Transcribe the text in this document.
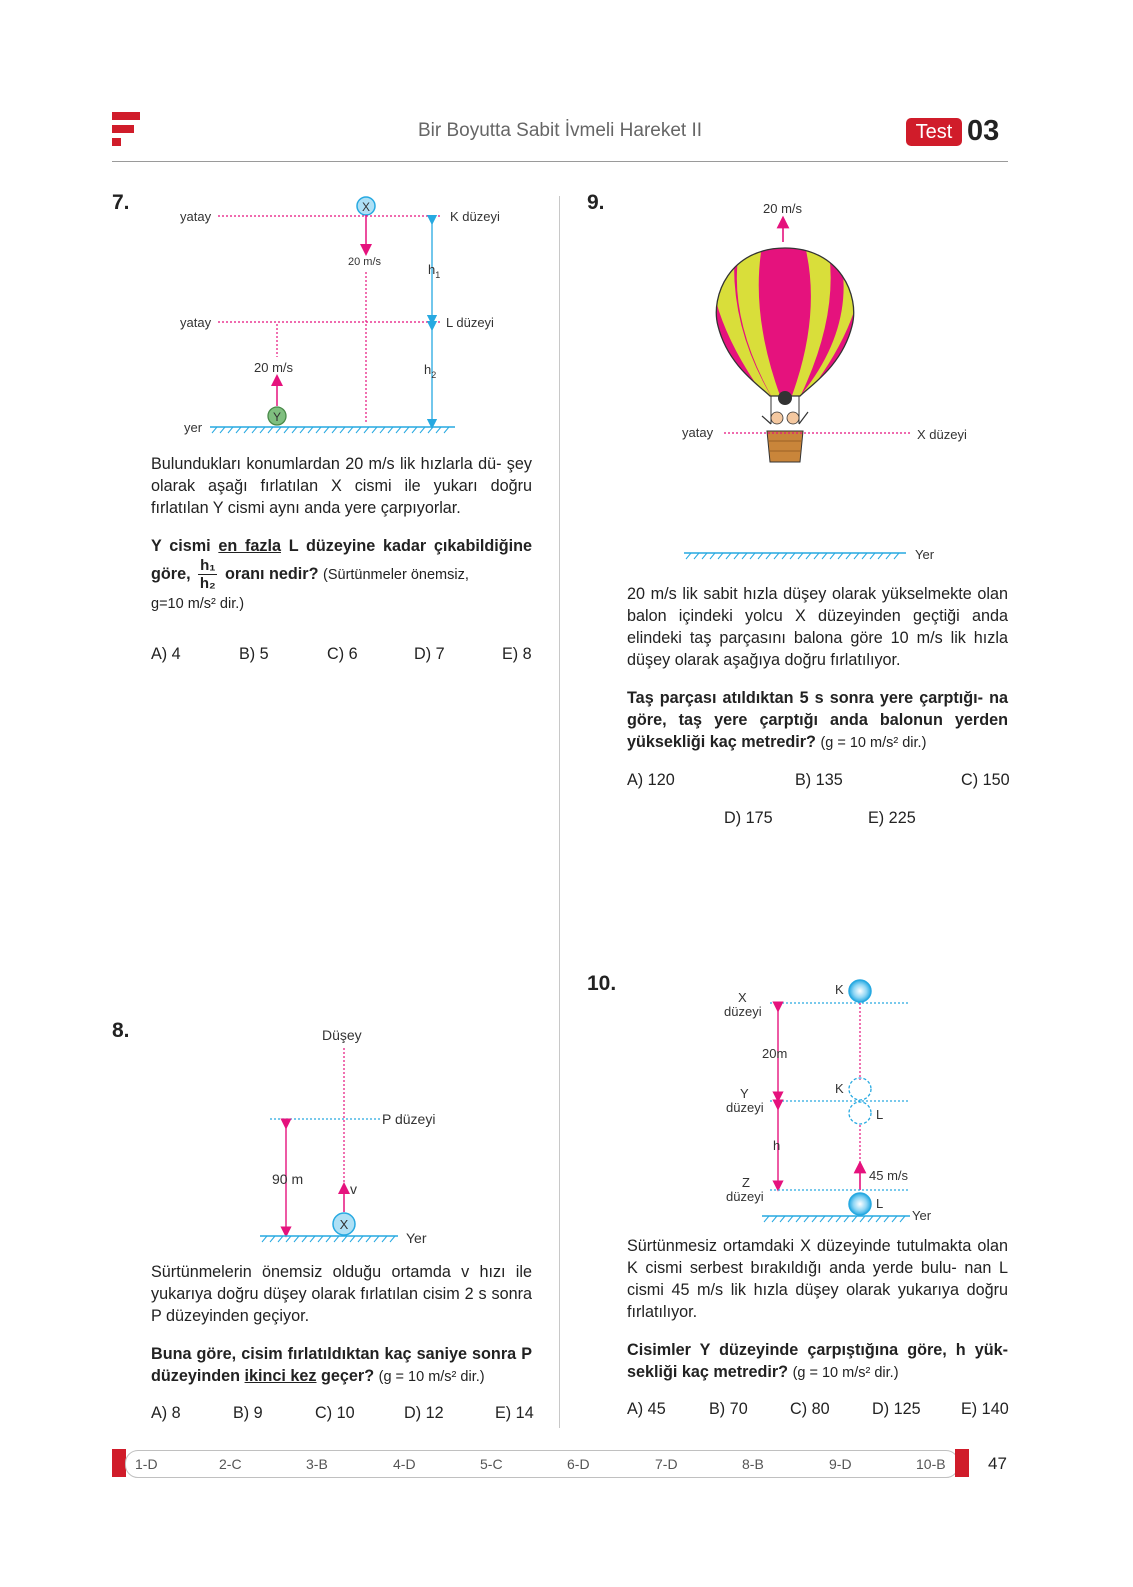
Bir Boyutta Sabit İvmeli Hareket II	Test 03
7.
yatay	K düzeyi
X
20 m/s	$h_1$
yatay	L düzeyi
$h_2$
20 m/s
Y
yer

Bulundukları konumlardan 20 m/s lik hızlarla dü- şey olarak aşağı fırlatılan X cismi ile yukarı doğru fırlatılan Y cismi aynı anda yere çarpıyorlar.

Y cismi en fazla L düzeyine kadar çıkabildiğine göre, $\frac{\text{h₁}}{\text{h₂}}$ oranı nedir? (Sürtünmeler önemsiz,
g=10 m/s² dir.)

A) 4	B) 5	C) 6	D) 7	E) 8
8.	Düşey
P düzeyi
90 m
v
X
Yer

Sürtünmelerin önemsiz olduğu ortamda v hızı ile yukarıya doğru düşey olarak fırlatılan cisim 2 s sonra P düzeyinden geçiyor.

Buna göre, cisim fırlatıldıktan kaç saniye sonra P düzeyinden ikinci kez geçer? (g = 10 m/s² dir.)

A) 8	B) 9	C) 10	D) 12	E) 14
9.	20 m/s
yatay	X düzeyi
Yer

20 m/s lik sabit hızla düşey olarak yükselmekte olan balon içindeki yolcu X düzeyinden geçtiği anda elindeki taş parçasını balona göre 10 m/s lik hızla düşey olarak aşağıya doğru fırlatılıyor.

Taş parçası atıldıktan 5 s sonra yere çarptığı- na göre, taş yere çarptığı anda balonun yerden yüksekliği kaç metredir? (g = 10 m/s² dir.)

A) 120	B) 135	C) 150
D) 175	E) 225
10.
X
düzeyi
K
20m
Y
düzeyi
K
L
h
45 m/s
Z
düzeyi	L
Yer

Sürtünmesiz ortamdaki X düzeyinde tutulmakta olan K cismi serbest bırakıldığı anda yerde bulu- nan L cismi 45 m/s lik hızla düşey olarak yukarıya doğru fırlatılıyor.

Cisimler Y düzeyinde çarpıştığına göre, h yük- sekliği kaç metredir? (g = 10 m/s² dir.)

A) 45	B) 70	C) 80	D) 125 E) 140
1-D	2-C	3-B	4-D	5-C	6-D	7-D	8-B	9-D	10-B 47
